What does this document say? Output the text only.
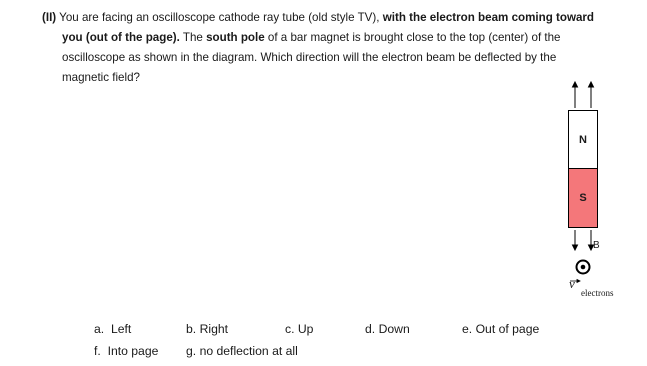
(II) You are facing an oscilloscope cathode ray tube (old style TV), with the electron beam coming toward

you (out of the page). The south pole of a bar magnet is brought close to the top (center) of the

oscilloscope as shown in the diagram. Which direction will the electron beam be deflected by the

magnetic field?

N
S
B
v
electrons
a. Left	b. Right	c. Up	d. Down	e. Out of page
f. Into page g. no deflection at all
